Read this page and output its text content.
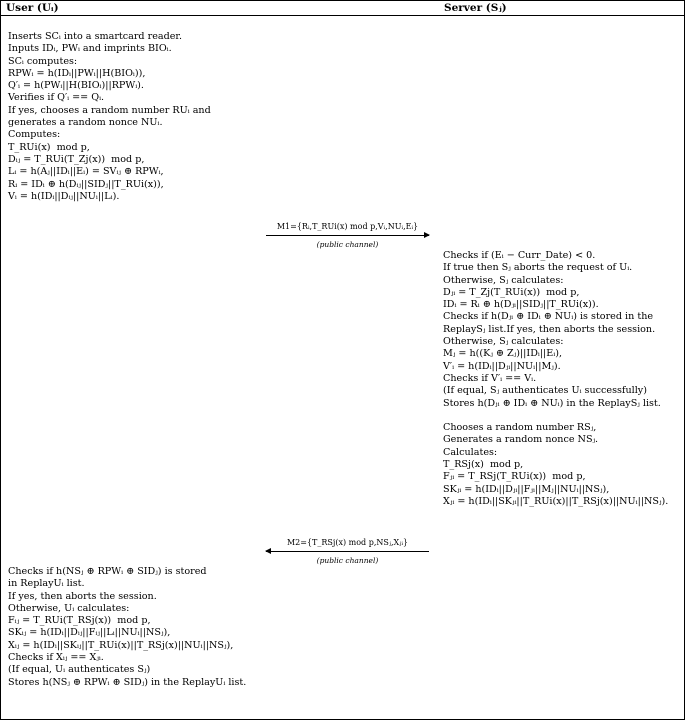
User (Uᵢ)	Server (Sⱼ)
Inserts SCᵢ into a smartcard reader.
Inputs IDᵢ, PWᵢ and imprints BIOᵢ.
SCᵢ computes:
RPWᵢ = h(IDᵢ||PWᵢ||H(BIOᵢ)),
Q′ᵢ = h(PWᵢ||H(BIOᵢ)||RPWᵢ).
Verifies if Q′ᵢ == Qᵢ.
If yes, chooses a random number RUᵢ and
generates a random nonce NUᵢ.
Computes:
T_RUi(x)  mod p,
Dᵢⱼ = T_RUi(T_Zj(x))  mod p,
Lᵢ = h(Aⱼ||IDᵢ||Eᵢ) = SVᵢⱼ ⊕ RPWᵢ,
Rᵢ = IDᵢ ⊕ h(Dᵢⱼ||SIDⱼ||T_RUi(x)),
Vᵢ = h(IDᵢ||Dᵢⱼ||NUᵢ||Lᵢ).
M1={Rᵢ,T_RUi(x) mod p,Vᵢ,NUᵢ,Eᵢ}
(public channel)
Checks if (Eᵢ − Curr_Date) < 0.
If true then Sⱼ aborts the request of Uᵢ.
Otherwise, Sⱼ calculates:
Dⱼᵢ = T_Zj(T_RUi(x))  mod p,
IDᵢ = Rᵢ ⊕ h(Dⱼᵢ||SIDⱼ||T_RUi(x)).
Checks if h(Dⱼᵢ ⊕ IDᵢ ⊕ NUᵢ) is stored in the
ReplaySⱼ list.If yes, then aborts the session.
Otherwise, Sⱼ calculates:
Mⱼ = h((Kⱼ ⊕ Zⱼ)||IDᵢ||Eᵢ),
V′ᵢ = h(IDᵢ||Dⱼᵢ||NUᵢ||Mⱼ).
Checks if V′ᵢ == Vᵢ.
(If equal, Sⱼ authenticates Uᵢ successfully)
Stores h(Dⱼᵢ ⊕ IDᵢ ⊕ NUᵢ) in the ReplaySⱼ list.
Chooses a random number RSⱼ,
Generates a random nonce NSⱼ.
Calculates:
T_RSj(x)  mod p,
Fⱼᵢ = T_RSj(T_RUi(x))  mod p,
SKⱼᵢ = h(IDᵢ||Dⱼᵢ||Fⱼᵢ||Mⱼ||NUᵢ||NSⱼ),
Xⱼᵢ = h(IDᵢ||SKⱼᵢ||T_RUi(x)||T_RSj(x)||NUᵢ||NSⱼ).
M2={T_RSj(x) mod p,NSⱼ,Xⱼᵢ}
(public channel)
Checks if h(NSⱼ ⊕ RPWᵢ ⊕ SIDⱼ) is stored
in ReplayUᵢ list.
If yes, then aborts the session.
Otherwise, Uᵢ calculates:
Fᵢⱼ = T_RUi(T_RSj(x))  mod p,
SKᵢⱼ = h(IDᵢ||Dᵢⱼ||Fᵢⱼ||Lᵢ||NUᵢ||NSⱼ),
Xᵢⱼ = h(IDᵢ||SKᵢⱼ||T_RUi(x)||T_RSj(x)||NUᵢ||NSⱼ),
Checks if Xᵢⱼ == Xⱼᵢ.
(If equal, Uᵢ authenticates Sⱼ)
Stores h(NSⱼ ⊕ RPWᵢ ⊕ SIDⱼ) in the ReplayUᵢ list.
